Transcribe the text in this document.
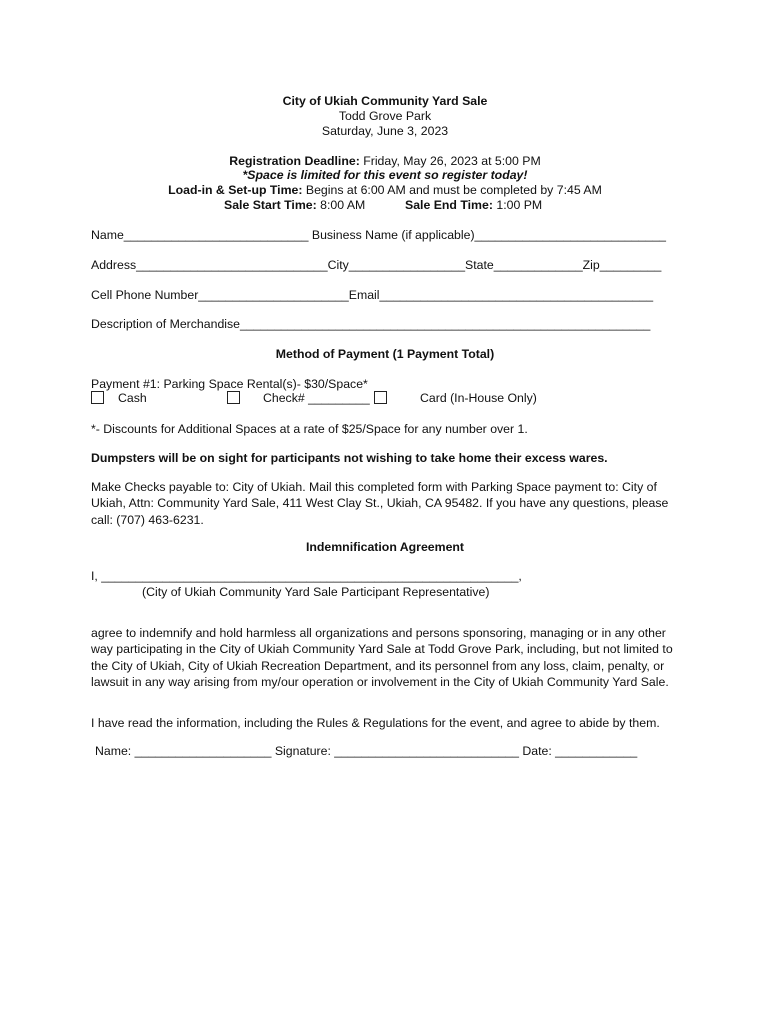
City of Ukiah Community Yard Sale
Todd Grove Park
Saturday, June 3, 2023
Registration Deadline: Friday, May 26, 2023 at 5:00 PM
*Space is limited for this event so register today!
Load-in & Set-up Time: Begins at 6:00 AM and must be completed by 7:45 AM
Sale Start Time: 8:00 AM	Sale End Time: 1:00 PM
Name___________________________ Business Name (if applicable)____________________________
Address____________________________City_________________State_____________Zip_________
Cell Phone Number______________________Email________________________________________
Description of Merchandise____________________________________________________________
Method of Payment (1 Payment Total)
Payment #1: Parking Space Rental(s)- $30/Space*
Cash	Check# _________	Card (In-House Only)
*- Discounts for Additional Spaces at a rate of $25/Space for any number over 1.
Dumpsters will be on sight for participants not wishing to take home their excess wares.
Make Checks payable to: City of Ukiah. Mail this completed form with Parking Space payment to: City of Ukiah, Attn: Community Yard Sale, 411 West Clay St., Ukiah, CA 95482. If you have any questions, please call: (707) 463-6231.
Indemnification Agreement
I, _____________________________________________________________,
(City of Ukiah Community Yard Sale Participant Representative)
agree to indemnify and hold harmless all organizations and persons sponsoring, managing or in any other way participating in the City of Ukiah Community Yard Sale at Todd Grove Park, including, but not limited to the City of Ukiah, City of Ukiah Recreation Department, and its personnel from any loss, claim, penalty, or lawsuit in any way arising from my/our operation or involvement in the City of Ukiah Community Yard Sale.
I have read the information, including the Rules & Regulations for the event, and agree to abide by them.
Name: ____________________ Signature: ___________________________ Date: ____________
